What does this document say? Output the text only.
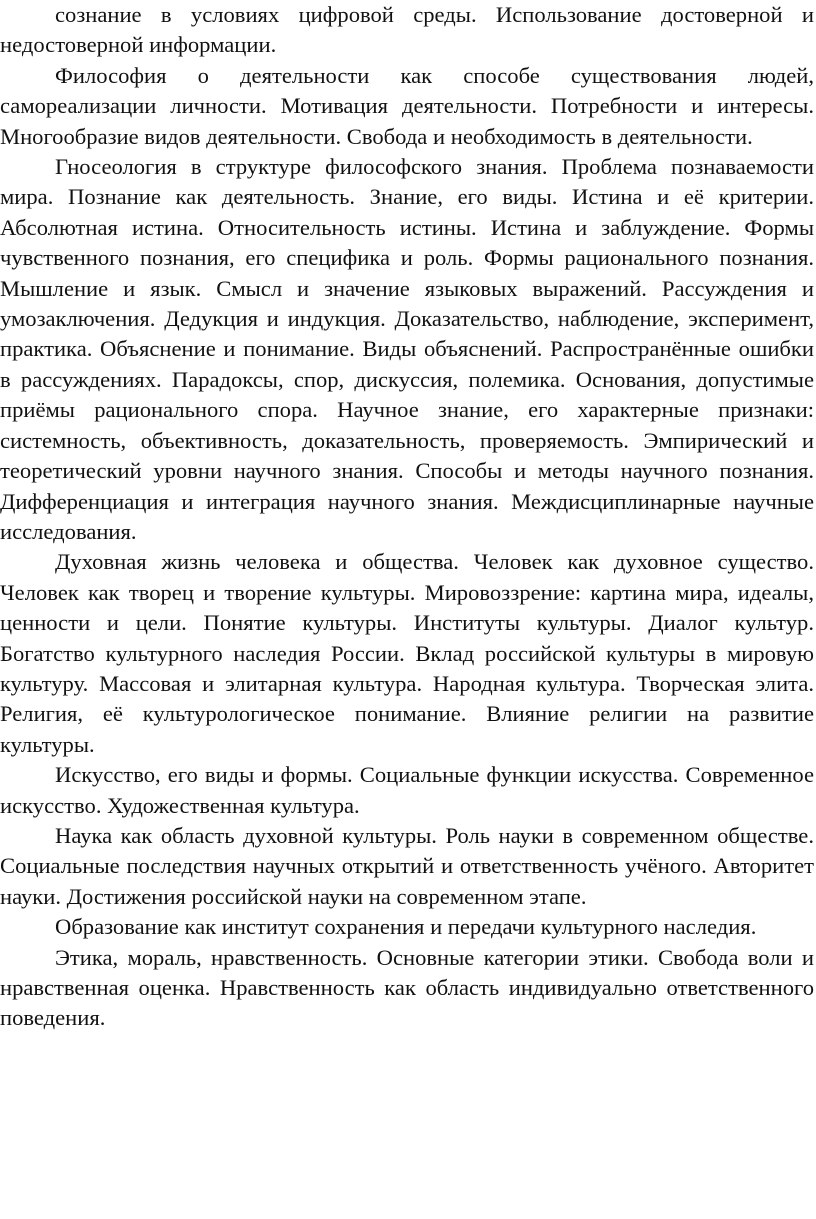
сознание в условиях цифровой среды. Использование достоверной и недостоверной информации.

Философия о деятельности как способе существования людей, самореализации личности. Мотивация деятельности. Потребности и интересы. Многообразие видов деятельности. Свобода и необходимость в деятельности.

Гносеология в структуре философского знания. Проблема познаваемости мира. Познание как деятельность. Знание, его виды. Истина и её критерии. Абсолютная истина. Относительность истины. Истина и заблуждение. Формы чувственного познания, его специфика и роль. Формы рационального познания. Мышление и язык. Смысл и значение языковых выражений. Рассуждения и умозаключения. Дедукция и индукция. Доказательство, наблюдение, эксперимент, практика. Объяснение и понимание. Виды объяснений. Распространённые ошибки в рассуждениях. Парадоксы, спор, дискуссия, полемика. Основания, допустимые приёмы рационального спора. Научное знание, его характерные признаки: системность, объективность, доказательность, проверяемость. Эмпирический и теоретический уровни научного знания. Способы и методы научного познания. Дифференциация и интеграция научного знания. Междисциплинарные научные исследования.

Духовная жизнь человека и общества. Человек как духовное существо. Человек как творец и творение культуры. Мировоззрение: картина мира, идеалы, ценности и цели. Понятие культуры. Институты культуры. Диалог культур. Богатство культурного наследия России. Вклад российской культуры в мировую культуру. Массовая и элитарная культура. Народная культура. Творческая элита. Религия, её культурологическое понимание. Влияние религии на развитие культуры.

Искусство, его виды и формы. Социальные функции искусства. Современное искусство. Художественная культура.

Наука как область духовной культуры. Роль науки в современном обществе. Социальные последствия научных открытий и ответственность учёного. Авторитет науки. Достижения российской науки на современном этапе.

Образование как институт сохранения и передачи культурного наследия.

Этика, мораль, нравственность. Основные категории этики. Свобода воли и нравственная оценка. Нравственность как область индивидуально ответственного поведения.
